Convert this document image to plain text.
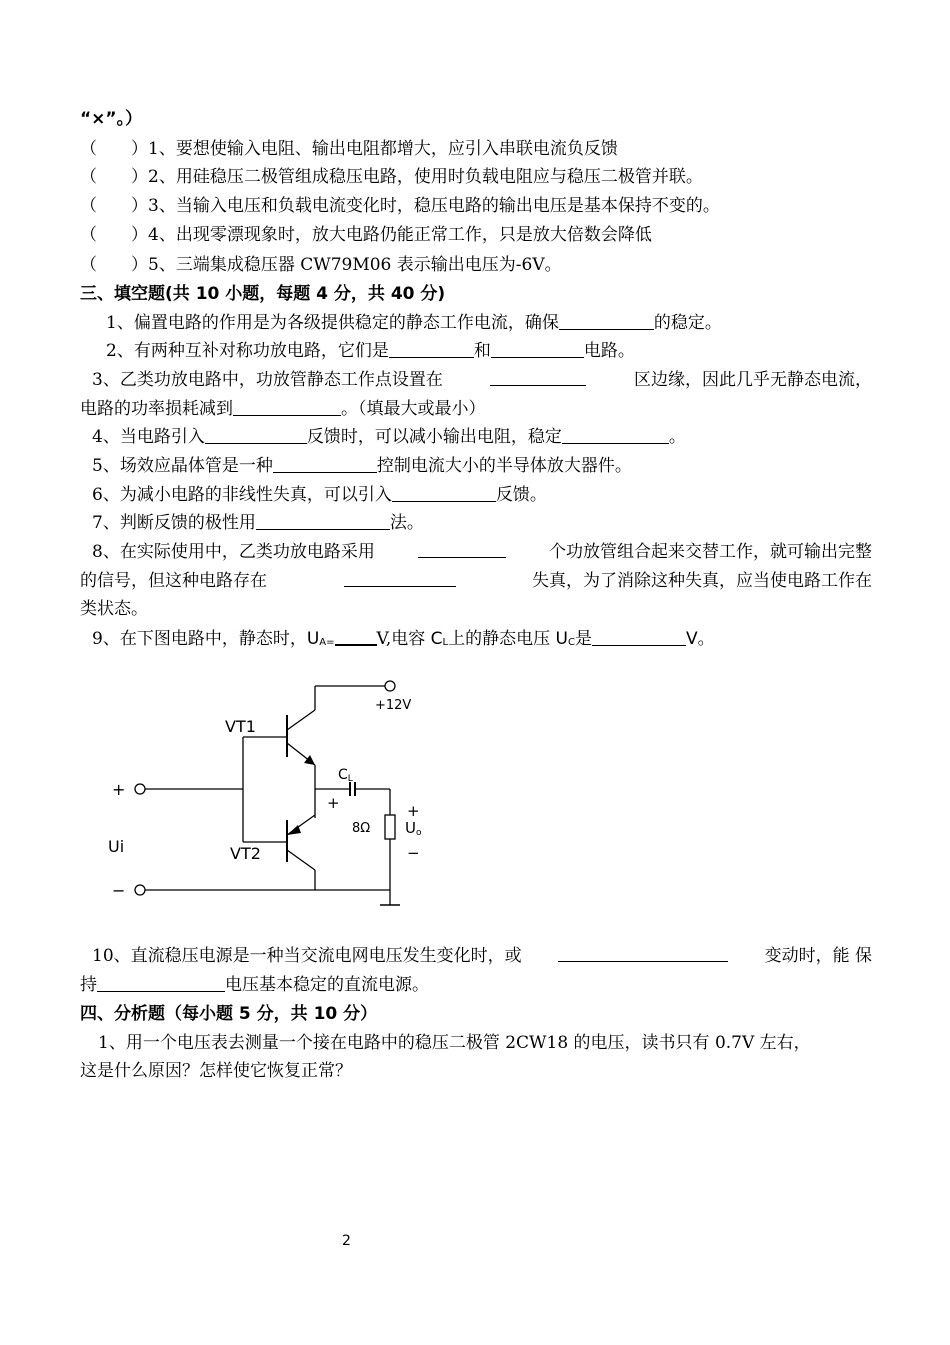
“×”。）
（　　）1、要想使输入电阻、输出电阻都增大，应引入串联电流负反馈
（　　）2、用硅稳压二极管组成稳压电路，使用时负载电阻应与稳压二极管并联。
（　　）3、当输入电压和负载电流变化时，稳压电路的输出电压是基本保持不变的。
（　　）4、出现零漂现象时，放大电路仍能正常工作，只是放大倍数会降低
（　　）5、三端集成稳压器 CW79M06 表示输出电压为-6V。
三、填空题(共 10 小题，每题 4 分，共 40 分)
1、偏置电路的作用是为各级提供稳定的静态工作电流，确保	的稳定。
2、有两种互补对称功放电路，它们是	和	电路。
3、乙类功放电路中，功放管静态工作点设置在	区边缘，因此几乎无静态电流，
电路的功率损耗减到	。（填最大或最小）
4、当电路引入	反馈时，可以减小输出电阻，稳定	。
5、场效应晶体管是一种	控制电流大小的半导体放大器件。
6、为减小电路的非线性失真，可以引入	反馈。
7、判断反馈的极性用	法。
8、在实际使用中，乙类功放电路采用	个功放管组合起来交替工作，就可输出完整
的信号，但这种电路存在	失真，为了消除这种失真，应当使电路工作在
类状态。
9、在下图电路中，静态时，$U_{A=}$ V,电容 $C_L$上的静态电压 $U_C$是	V。
+12V
VT1
VT2
+
Ui
−
CL
+
8Ω
+
Uo
−
10、直流稳压电源是一种当交流电网电压发生变化时，或	变动时，能 保
持	电压基本稳定的直流电源。
四、分析题（每小题 5 分，共 10 分）
1、用一个电压表去测量一个接在电路中的稳压二极管 2CW18 的电压，读书只有 0.7V 左右，
这是什么原因？怎样使它恢复正常？
2
